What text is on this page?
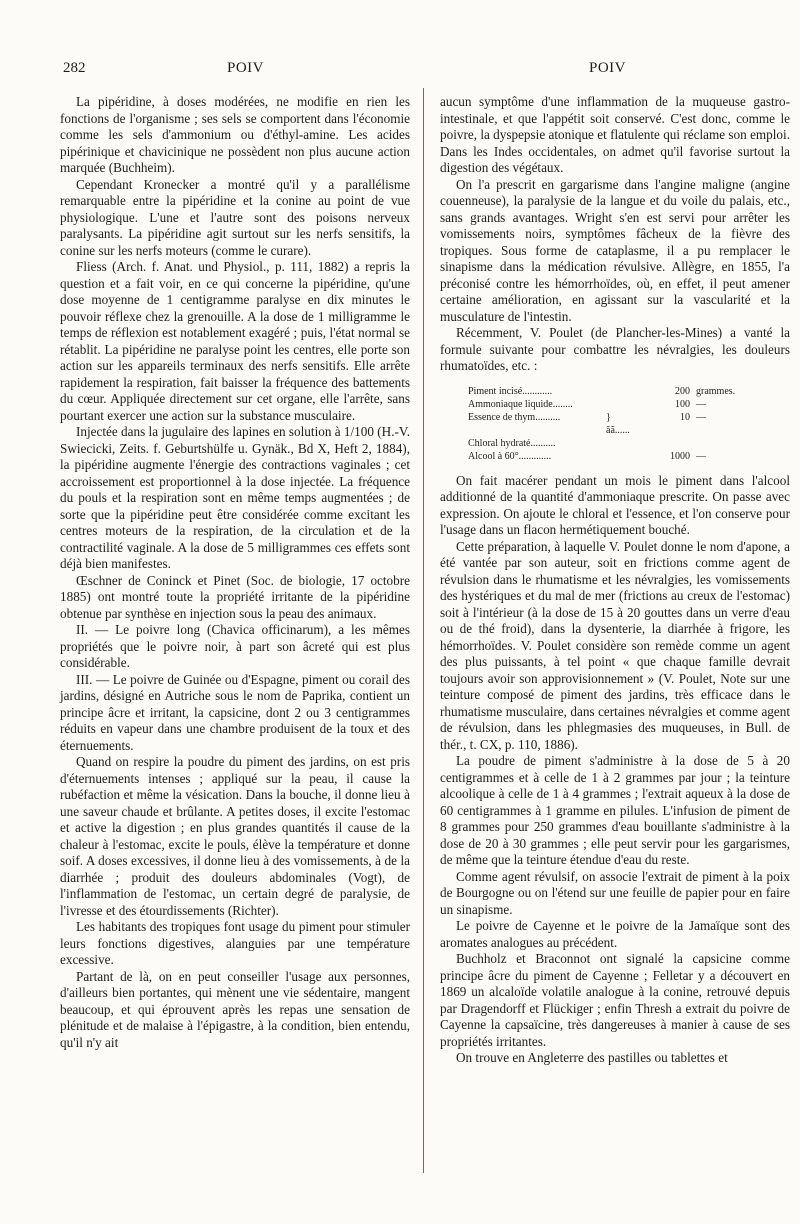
282	POIV	POIV

La pipéridine, à doses modérées, ne modifie en rien les fonctions de l'organisme ; ses sels se comportent dans l'économie comme les sels d'ammonium ou d'éthyl-amine. Les acides pipérinique et chavicinique ne possèdent non plus aucune action marquée (Buchheim).

Cependant Kronecker a montré qu'il y a parallélisme remarquable entre la pipéridine et la conine au point de vue physiologique. L'une et l'autre sont des poisons nerveux paralysants. La pipéridine agit surtout sur les nerfs sensitifs, la conine sur les nerfs moteurs (comme le curare).

Fliess (Arch. f. Anat. und Physiol., p. 111, 1882) a repris la question et a fait voir, en ce qui concerne la pipéridine, qu'une dose moyenne de 1 centigramme paralyse en dix minutes le pouvoir réflexe chez la grenouille. A la dose de 1 milligramme le temps de réflexion est notablement exagéré ; puis, l'état normal se rétablit. La pipéridine ne paralyse point les centres, elle porte son action sur les appareils terminaux des nerfs sensitifs. Elle arrête rapidement la respiration, fait baisser la fréquence des battements du cœur. Appliquée directement sur cet organe, elle l'arrête, sans pourtant exercer une action sur la substance musculaire.

Injectée dans la jugulaire des lapines en solution à 1/100 (H.-V. Swiecicki, Zeits. f. Geburtshülfe u. Gynäk., Bd X, Heft 2, 1884), la pipéridine augmente l'énergie des contractions vaginales ; cet accroissement est proportionnel à la dose injectée. La fréquence du pouls et la respiration sont en même temps augmentées ; de sorte que la pipéridine peut être considérée comme excitant les centres moteurs de la respiration, de la circulation et de la contractilité vaginale. A la dose de 5 milligrammes ces effets sont déjà bien manifestes.

Œschner de Coninck et Pinet (Soc. de biologie, 17 octobre 1885) ont montré toute la propriété irritante de la pipéridine obtenue par synthèse en injection sous la peau des animaux.

II. — Le poivre long (Chavica officinarum), a les mêmes propriétés que le poivre noir, à part son âcreté qui est plus considérable.

III. — Le poivre de Guinée ou d'Espagne, piment ou corail des jardins, désigné en Autriche sous le nom de Paprika, contient un principe âcre et irritant, la capsicine, dont 2 ou 3 centigrammes réduits en vapeur dans une chambre produisent de la toux et des éternuements.

Quand on respire la poudre du piment des jardins, on est pris d'éternuements intenses ; appliqué sur la peau, il cause la rubéfaction et même la vésication. Dans la bouche, il donne lieu à une saveur chaude et brûlante. A petites doses, il excite l'estomac et active la digestion ; en plus grandes quantités il cause de la chaleur à l'estomac, excite le pouls, élève la température et donne soif. A doses excessives, il donne lieu à des vomissements, à de la diarrhée ; produit des douleurs abdominales (Vogt), de l'inflammation de l'estomac, un certain degré de paralysie, de l'ivresse et des étourdissements (Richter).

Les habitants des tropiques font usage du piment pour stimuler leurs fonctions digestives, alanguies par une température excessive.

Partant de là, on en peut conseiller l'usage aux personnes, d'ailleurs bien portantes, qui mènent une vie sédentaire, mangent beaucoup, et qui éprouvent après les repas une sensation de plénitude et de malaise à l'épigastre, à la condition, bien entendu, qu'il n'y ait

aucun symptôme d'une inflammation de la muqueuse gastro-intestinale, et que l'appétit soit conservé. C'est donc, comme le poivre, la dyspepsie atonique et flatulente qui réclame son emploi. Dans les Indes occidentales, on admet qu'il favorise surtout la digestion des végétaux.

On l'a prescrit en gargarisme dans l'angine maligne (angine couenneuse), la paralysie de la langue et du voile du palais, etc., sans grands avantages. Wright s'en est servi pour arrêter les vomissements noirs, symptômes fâcheux de la fièvre des tropiques. Sous forme de cataplasme, il a pu remplacer le sinapisme dans la médication révulsive. Allègre, en 1855, l'a préconisé contre les hémorrhoïdes, où, en effet, il peut amener certaine amélioration, en agissant sur la vascularité et la musculature de l'intestin.

Récemment, V. Poulet (de Plancher-les-Mines) a vanté la formule suivante pour combattre les névralgies, les douleurs rhumatoïdes, etc. :

Piment incisé............		200	grammes.
Ammoniaque liquide........		100	—
Essence de thym..........	} ãã......	10	—
Chloral hydraté..........			
Alcool à 60°.............		1000	—

On fait macérer pendant un mois le piment dans l'alcool additionné de la quantité d'ammoniaque prescrite. On passe avec expression. On ajoute le chloral et l'essence, et l'on conserve pour l'usage dans un flacon hermétiquement bouché.

Cette préparation, à laquelle V. Poulet donne le nom d'apone, a été vantée par son auteur, soit en frictions comme agent de révulsion dans le rhumatisme et les névralgies, les vomissements des hystériques et du mal de mer (frictions au creux de l'estomac) soit à l'intérieur (à la dose de 15 à 20 gouttes dans un verre d'eau ou de thé froid), dans la dysenterie, la diarrhée à frigore, les hémorrhoïdes. V. Poulet considère son remède comme un agent des plus puissants, à tel point « que chaque famille devrait toujours avoir son approvisionnement » (V. Poulet, Note sur une teinture composé de piment des jardins, très efficace dans le rhumatisme musculaire, dans certaines névralgies et comme agent de révulsion, dans les phlegmasies des muqueuses, in Bull. de thér., t. CX, p. 110, 1886).

La poudre de piment s'administre à la dose de 5 à 20 centigrammes et à celle de 1 à 2 grammes par jour ; la teinture alcoolique à celle de 1 à 4 grammes ; l'extrait aqueux à la dose de 60 centigrammes à 1 gramme en pilules. L'infusion de piment de 8 grammes pour 250 grammes d'eau bouillante s'administre à la dose de 20 à 30 grammes ; elle peut servir pour les gargarismes, de même que la teinture étendue d'eau du reste.

Comme agent révulsif, on associe l'extrait de piment à la poix de Bourgogne ou on l'étend sur une feuille de papier pour en faire un sinapisme.

Le poivre de Cayenne et le poivre de la Jamaïque sont des aromates analogues au précédent.

Buchholz et Braconnot ont signalé la capsicine comme principe âcre du piment de Cayenne ; Felletar y a découvert en 1869 un alcaloïde volatile analogue à la conine, retrouvé depuis par Dragendorff et Flückiger ; enfin Thresh a extrait du poivre de Cayenne la capsaïcine, très dangereuses à manier à cause de ses propriétés irritantes.

On trouve en Angleterre des pastilles ou tablettes et
